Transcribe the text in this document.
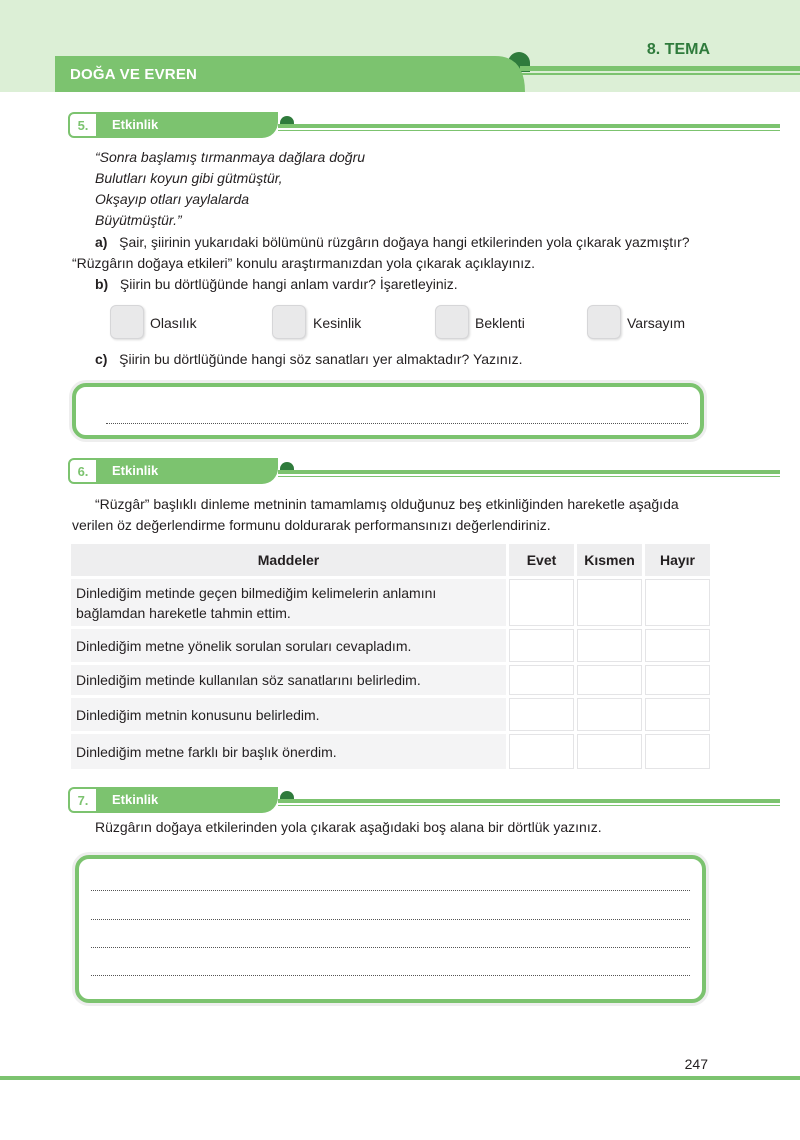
8. TEMA
DOĞA VE EVREN
5.	Etkinlik
“Sonra başlamış tırmanmaya dağlara doğru
Bulutları koyun gibi gütmüştür,
Okşayıp otları yaylalarda
Büyütmüştür.”
a) Şair, şiirinin yukarıdaki bölümünü rüzgârın doğaya hangi etkilerinden yola çıkarak yazmıştır?
“Rüzgârın doğaya etkileri” konulu araştırmanızdan yola çıkarak açıklayınız.
b) Şiirin bu dörtlüğünde hangi anlam vardır? İşaretleyiniz.
Olasılık	Kesinlik	Beklenti	Varsayım
c) Şiirin bu dörtlüğünde hangi söz sanatları yer almaktadır? Yazınız.
6.	Etkinlik
“Rüzgâr” başlıklı dinleme metninin tamamlamış olduğunuz beş etkinliğinden hareketle aşağıda
verilen öz değerlendirme formunu doldurarak performansınızı değerlendiriniz.
Maddeler	Evet	Kısmen	Hayır
Dinlediğim metinde geçen bilmediğim kelimelerin anlamını bağlamdan hareketle tahmin ettim.			
Dinlediğim metne yönelik sorulan soruları cevapladım.			
Dinlediğim metinde kullanılan söz sanatlarını belirledim.			
Dinlediğim metnin konusunu belirledim.			
Dinlediğim metne farklı bir başlık önerdim.			
7.	Etkinlik
Rüzgârın doğaya etkilerinden yola çıkarak aşağıdaki boş alana bir dörtlük yazınız.
247
